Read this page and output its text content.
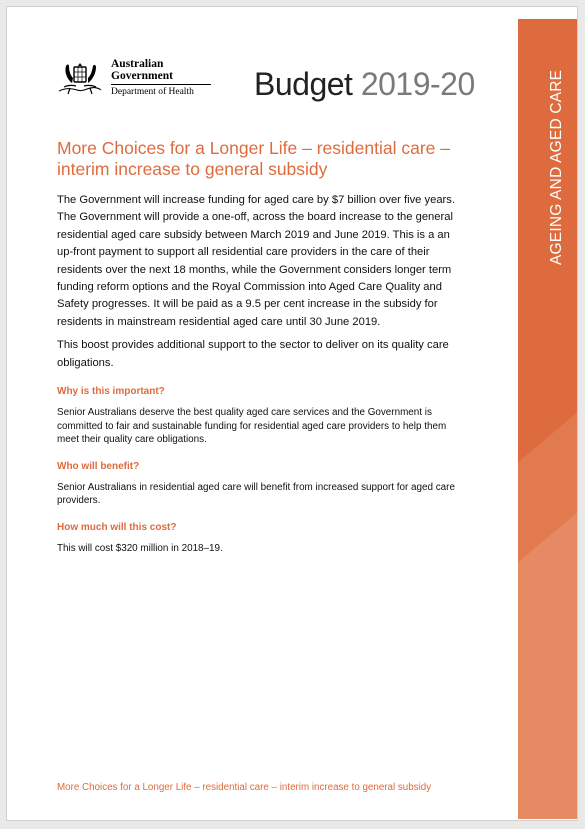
AGEING AND AGED CARE
Australian Government
Department of Health	Budget 2019-20
More Choices for a Longer Life – residential care – interim increase to general subsidy

The Government will increase funding for aged care by $7 billion over five years. The Government will provide a one-off, across the board increase to the general residential aged care subsidy between March 2019 and June 2019. This is a an up-front payment to support all residential care providers in the care of their residents over the next 18 months, while the Government considers longer term funding reform options and the Royal Commission into Aged Care Quality and Safety progresses. It will be paid as a 9.5 per cent increase in the subsidy for residents in mainstream residential aged care until 30 June 2019.

This boost provides additional support to the sector to deliver on its quality care obligations.

Why is this important?

Senior Australians deserve the best quality aged care services and the Government is committed to fair and sustainable funding for residential aged care providers to help them meet their quality care obligations.

Who will benefit?

Senior Australians in residential aged care will benefit from increased support for aged care providers.

How much will this cost?

This will cost $320 million in 2018–19.

More Choices for a Longer Life – residential care – interim increase to general subsidy
